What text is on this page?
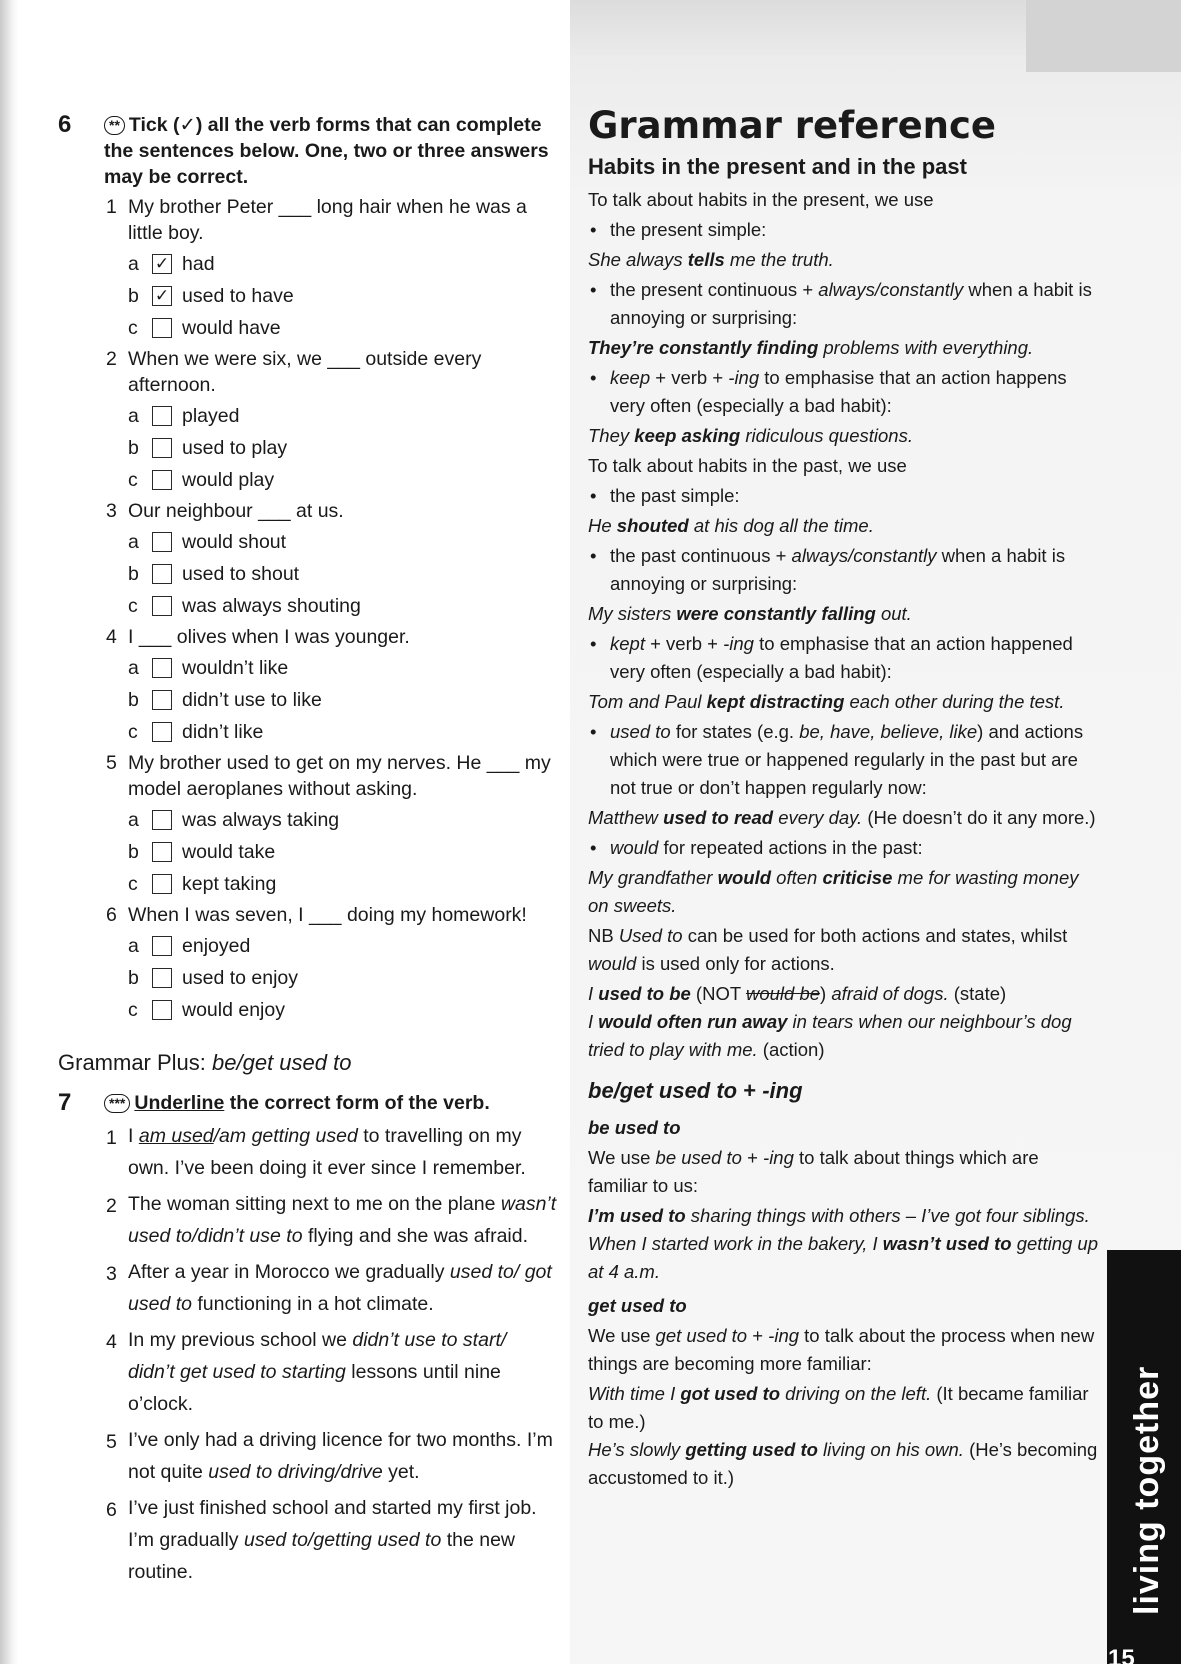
6	** Tick (✓) all the verb forms that can complete the sentences below. One, two or three answers may be correct.
1 My brother Peter ___ long hair when he was a little boy.
a ✓ had
b ✓ used to have
c	would have
2 When we were six, we ___ outside every afternoon.
a	played
b	used to play
c	would play
3 Our neighbour ___ at us.
a	would shout
b	used to shout
c	was always shouting
4 I ___ olives when I was younger.
a	wouldn’t like
b	didn’t use to like
c	didn’t like
5 My brother used to get on my nerves. He ___ my model aeroplanes without asking.
a	was always taking
b	would take
c	kept taking
6 When I was seven, I ___ doing my homework!
a	enjoyed
b	used to enjoy
c	would enjoy
Grammar Plus: be/get used to
7	*** Underline the correct form of the verb.
1 I am used/am getting used to travelling on my own. I’ve been doing it ever since I remember.
2 The woman sitting next to me on the plane wasn’t used to/didn’t use to flying and she was afraid.
3 After a year in Morocco we gradually used to/ got used to functioning in a hot climate.
4 In my previous school we didn’t use to start/ didn’t get used to starting lessons until nine o’clock.
5 I’ve only had a driving licence for two months. I’m not quite used to driving/drive yet.
6 I’ve just finished school and started my first job. I’m gradually used to/getting used to the new routine.
Grammar reference
Habits in the present and in the past
To talk about habits in the present, we use
• the present simple:
She always tells me the truth.
• the present continuous + always/constantly when a habit is annoying or surprising:
They’re constantly finding problems with everything.
• keep + verb + -ing to emphasise that an action happens very often (especially a bad habit):
They keep asking ridiculous questions.
To talk about habits in the past, we use
• the past simple:
He shouted at his dog all the time.
• the past continuous + always/constantly when a habit is annoying or surprising:
My sisters were constantly falling out.
• kept + verb + -ing to emphasise that an action happened very often (especially a bad habit):
Tom and Paul kept distracting each other during the test.
• used to for states (e.g. be, have, believe, like) and actions which were true or happened regularly in the past but are not true or don’t happen regularly now:
Matthew used to read every day. (He doesn’t do it any more.)
• would for repeated actions in the past:
My grandfather would often criticise me for wasting money on sweets.
NB Used to can be used for both actions and states, whilst would is used only for actions.

I used to be (NOT would be) afraid of dogs. (state)

I would often run away in tears when our neighbour’s dog tried to play with me. (action)

be/get used to + -ing
be used to
We use be used to + -ing to talk about things which are familiar to us:

I’m used to sharing things with others – I’ve got four siblings.

When I started work in the bakery, I wasn’t used to getting up at 4 a.m.

get used to
We use get used to + -ing to talk about the process when new things are becoming more familiar:

With time I got used to driving on the left. (It became familiar to me.)

He’s slowly getting used to living on his own. (He’s becoming accustomed to it.)	living together
15
